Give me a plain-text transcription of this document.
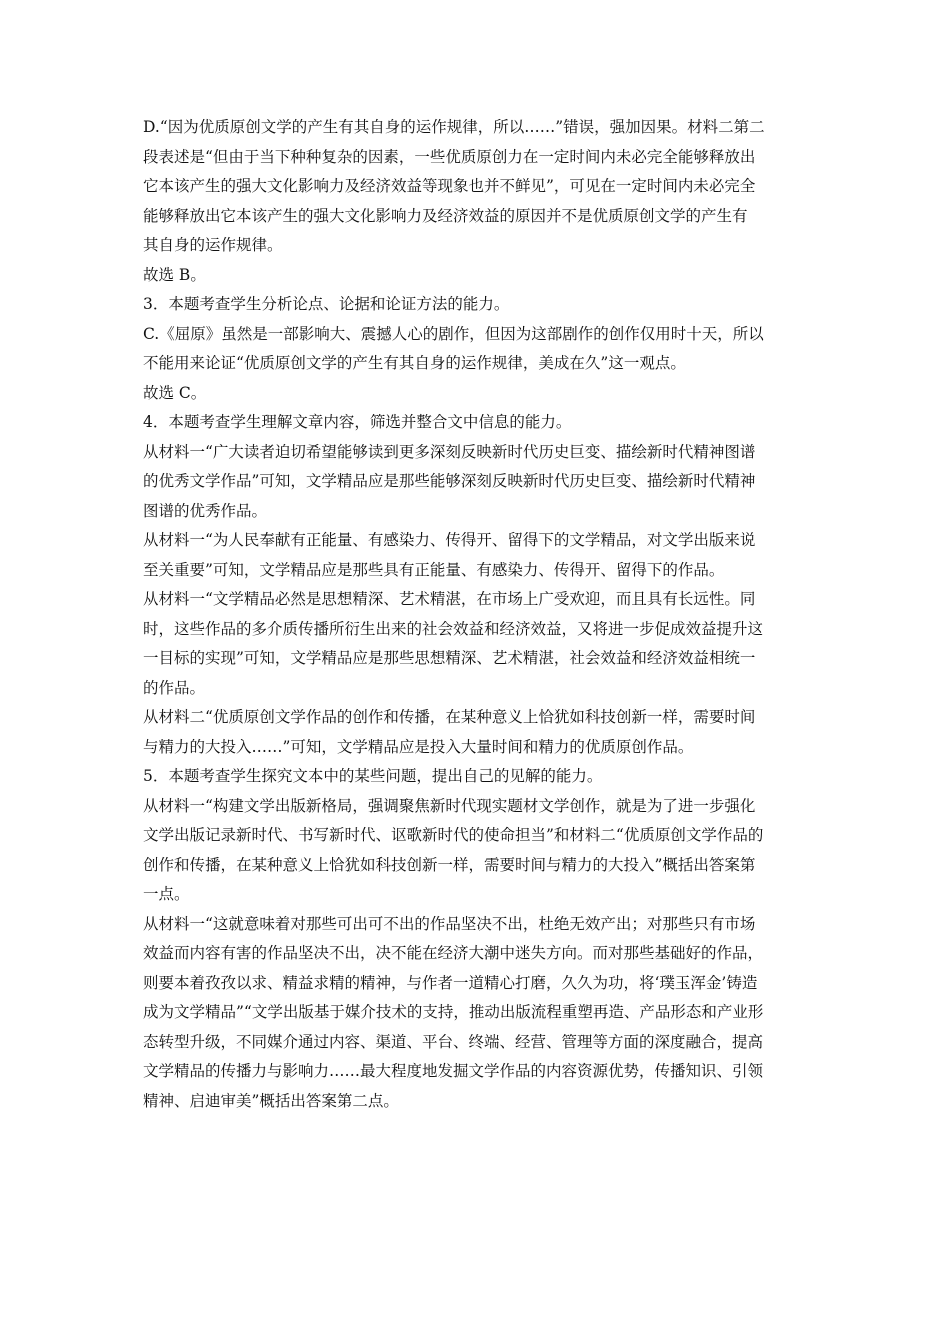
D.“因为优质原创文学的产生有其自身的运作规律，所以……”错误，强加因果。材料二第二
段表述是“但由于当下种种复杂的因素，一些优质原创力在一定时间内未必完全能够释放出
它本该产生的强大文化影响力及经济效益等现象也并不鲜见”，可见在一定时间内未必完全
能够释放出它本该产生的强大文化影响力及经济效益的原因并不是优质原创文学的产生有
其自身的运作规律。
故选 B。
3．本题考查学生分析论点、论据和论证方法的能力。
C.《屈原》虽然是一部影响大、震撼人心的剧作，但因为这部剧作的创作仅用时十天，所以
不能用来论证“优质原创文学的产生有其自身的运作规律，美成在久”这一观点。
故选 C。
4．本题考查学生理解文章内容，筛选并整合文中信息的能力。
从材料一“广大读者迫切希望能够读到更多深刻反映新时代历史巨变、描绘新时代精神图谱
的优秀文学作品”可知，文学精品应是那些能够深刻反映新时代历史巨变、描绘新时代精神
图谱的优秀作品。
从材料一“为人民奉献有正能量、有感染力、传得开、留得下的文学精品，对文学出版来说
至关重要”可知，文学精品应是那些具有正能量、有感染力、传得开、留得下的作品。
从材料一“文学精品必然是思想精深、艺术精湛，在市场上广受欢迎，而且具有长远性。同
时，这些作品的多介质传播所衍生出来的社会效益和经济效益，又将进一步促成效益提升这
一目标的实现”可知，文学精品应是那些思想精深、艺术精湛，社会效益和经济效益相统一
的作品。
从材料二“优质原创文学作品的创作和传播，在某种意义上恰犹如科技创新一样，需要时间
与精力的大投入……”可知，文学精品应是投入大量时间和精力的优质原创作品。
5．本题考查学生探究文本中的某些问题，提出自己的见解的能力。
从材料一“构建文学出版新格局，强调聚焦新时代现实题材文学创作，就是为了进一步强化
文学出版记录新时代、书写新时代、讴歌新时代的使命担当”和材料二“优质原创文学作品的
创作和传播，在某种意义上恰犹如科技创新一样，需要时间与精力的大投入”概括出答案第
一点。
从材料一“这就意味着对那些可出可不出的作品坚决不出，杜绝无效产出；对那些只有市场
效益而内容有害的作品坚决不出，决不能在经济大潮中迷失方向。而对那些基础好的作品，
则要本着孜孜以求、精益求精的精神，与作者一道精心打磨，久久为功，将‘璞玉浑金’铸造
成为文学精品”“文学出版基于媒介技术的支持，推动出版流程重塑再造、产品形态和产业形
态转型升级，不同媒介通过内容、渠道、平台、终端、经营、管理等方面的深度融合，提高
文学精品的传播力与影响力……最大程度地发掘文学作品的内容资源优势，传播知识、引领
精神、启迪审美”概括出答案第二点。
